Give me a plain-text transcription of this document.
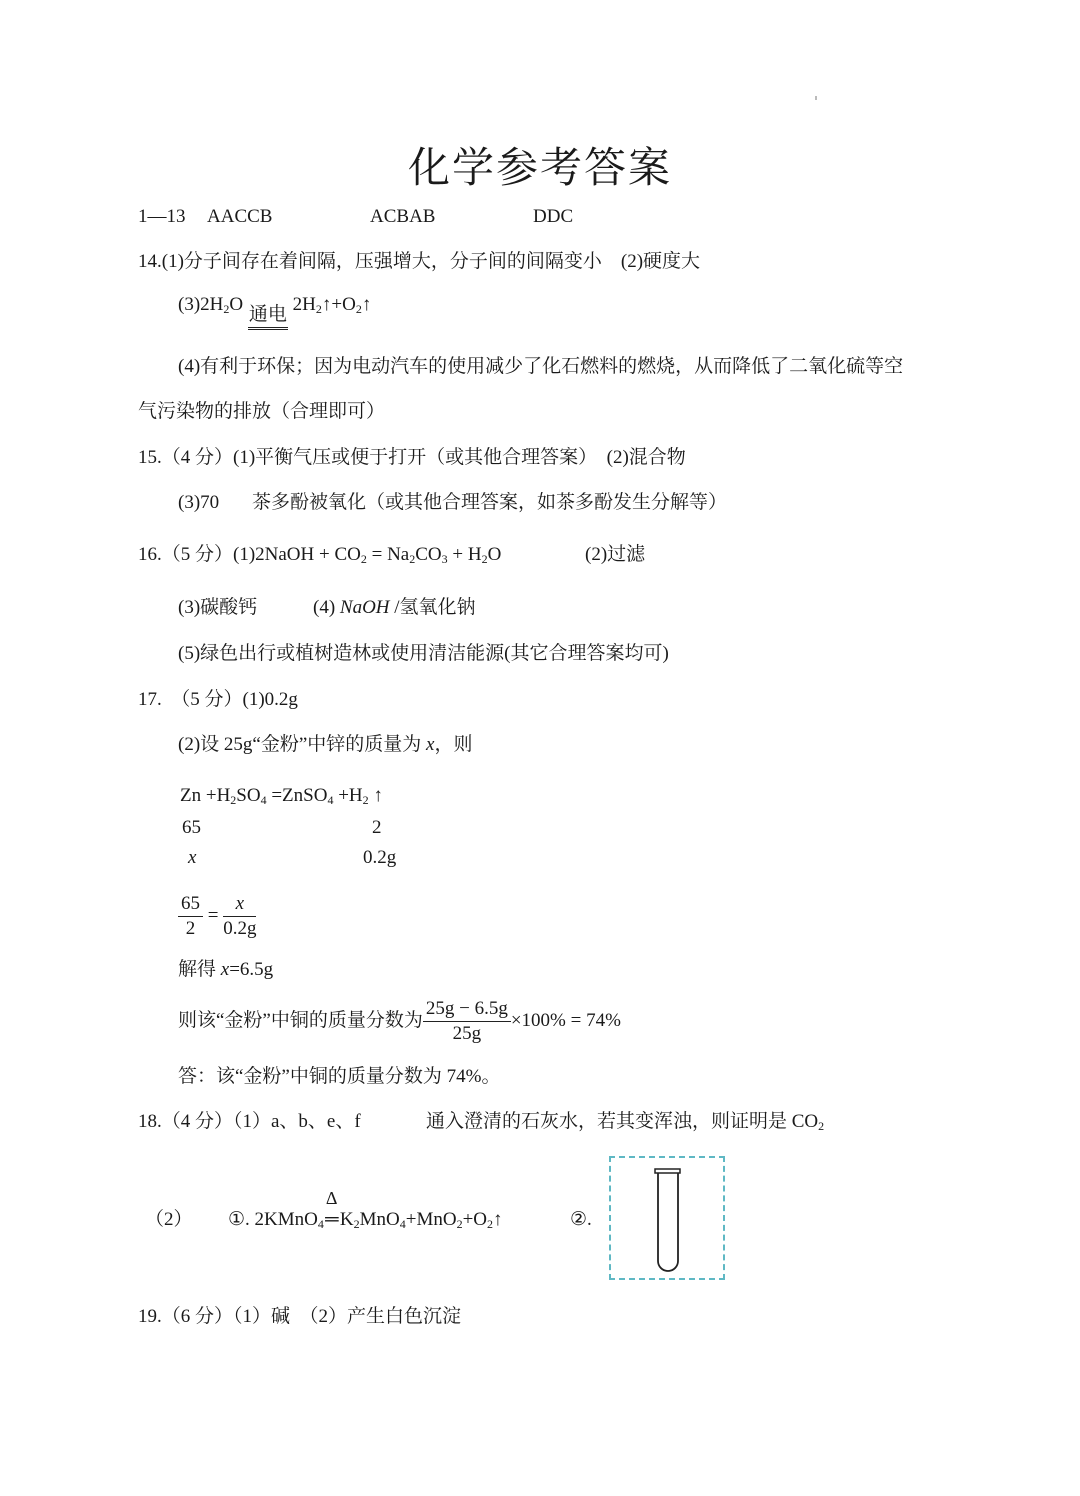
化学参考答案
1—13 AACCB	ACBAB	DDC
14.(1)分子间存在着间隔，压强增大，分子间的间隔变小　(2)硬度大
$(3)2H_2O$ 通电 $2H_2↑+O_2↑$
(4)有利于环保；因为电动汽车的使用减少了化石燃料的燃烧，从而降低了二氧化硫等空
气污染物的排放（合理即可）
15.（4 分）(1)平衡气压或便于打开（或其他合理答案）　(2)混合物
(3)70 茶多酚被氧化（或其他合理答案，如茶多酚发生分解等）
16.（5 分）(1)2NaOH + $CO_2 = Na_2CO_3 + H_2O$	(2)过滤
(3)碳酸钙	(4) NaOH /氢氧化钠
(5)绿色出行或植树造林或使用清洁能源(其它合理答案均可)
17.　（5 分）(1)0.2g
(2)设 25g“金粉”中锌的质量为 x，则
$Zn +H_2SO_4$ =ZnSO$_4$ $+H_2$ ↑
65	2
x	0.2g
$\frac{65}{2} = \frac{x}{0.2g}$
解得 x=6.5g
则该“金粉”中铜的质量分数为 $\frac{25g - 6.5g}{25g} \times 100\% = 74\%$
答：该“金粉”中铜的质量分数为 74%。
18.（4 分）（1）a、b、e、f	通入澄清的石灰水，若其变浑浊，则证明是 $CO_2$
（2） ①. 2KMnO$_4$
Δ
$═K_2MnO_4+MnO_2+O_2↑$	②.
19.（6 分）（1）碱　（2）产生白色沉淀
